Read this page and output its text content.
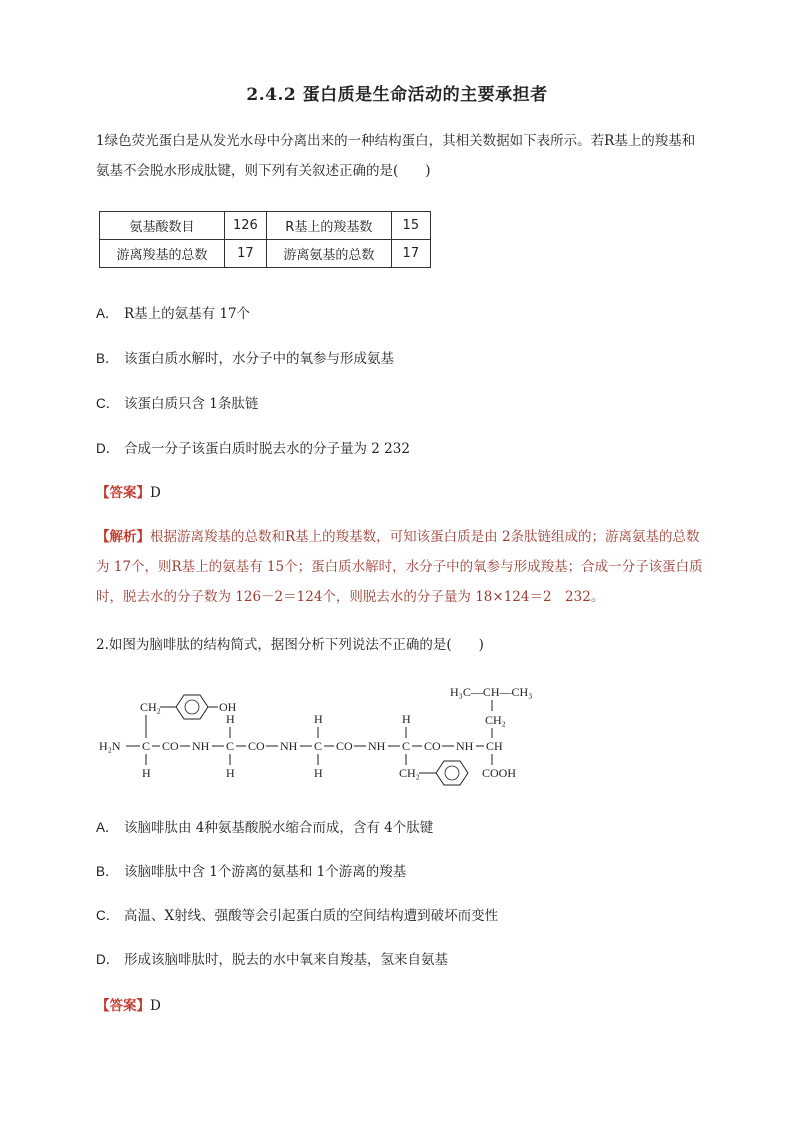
2.4.2 蛋白质是生命活动的主要承担者
1绿色荧光蛋白是从发光水母中分离出来的一种结构蛋白，其相关数据如下表所示。若R基上的羧基和氨基不会脱水形成肽键，则下列有关叙述正确的是(　　)
氨基酸数目	126	R基上的羧基数	15
游离羧基的总数	17	游离氨基的总数	17
A． R基上的氨基有 17个
B． 该蛋白质水解时，水分子中的氧参与形成氨基
C． 该蛋白质只含 1条肽链
D． 合成一分子该蛋白质时脱去水的分子量为 2 232
【答案】D
【解析】根据游离羧基的总数和R基上的羧基数，可知该蛋白质是由 2条肽链组成的；游离氨基的总数为 17个，则R基上的氨基有 15个；蛋白质水解时，水分子中的氧参与形成羧基；合成一分子该蛋白质时，脱去水的分子数为 126－2＝124个，则脱去水的分子量为 18×124＝2　232。
2.如图为脑啡肽的结构简式，据图分析下列说法不正确的是(　　)
H₃C—CH—CH₃
CH₂
CH₂	OH
H	H	H
H₂N C CO NH C CO NH C CO NH C CO NH CH
H	H	H	CH₂	COOH
A． 该脑啡肽由 4种氨基酸脱水缩合而成，含有 4个肽键
B． 该脑啡肽中含 1个游离的氨基和 1个游离的羧基
C． 高温、X射线、强酸等会引起蛋白质的空间结构遭到破坏而变性
D． 形成该脑啡肽时，脱去的水中氧来自羧基，氢来自氨基
【答案】D
